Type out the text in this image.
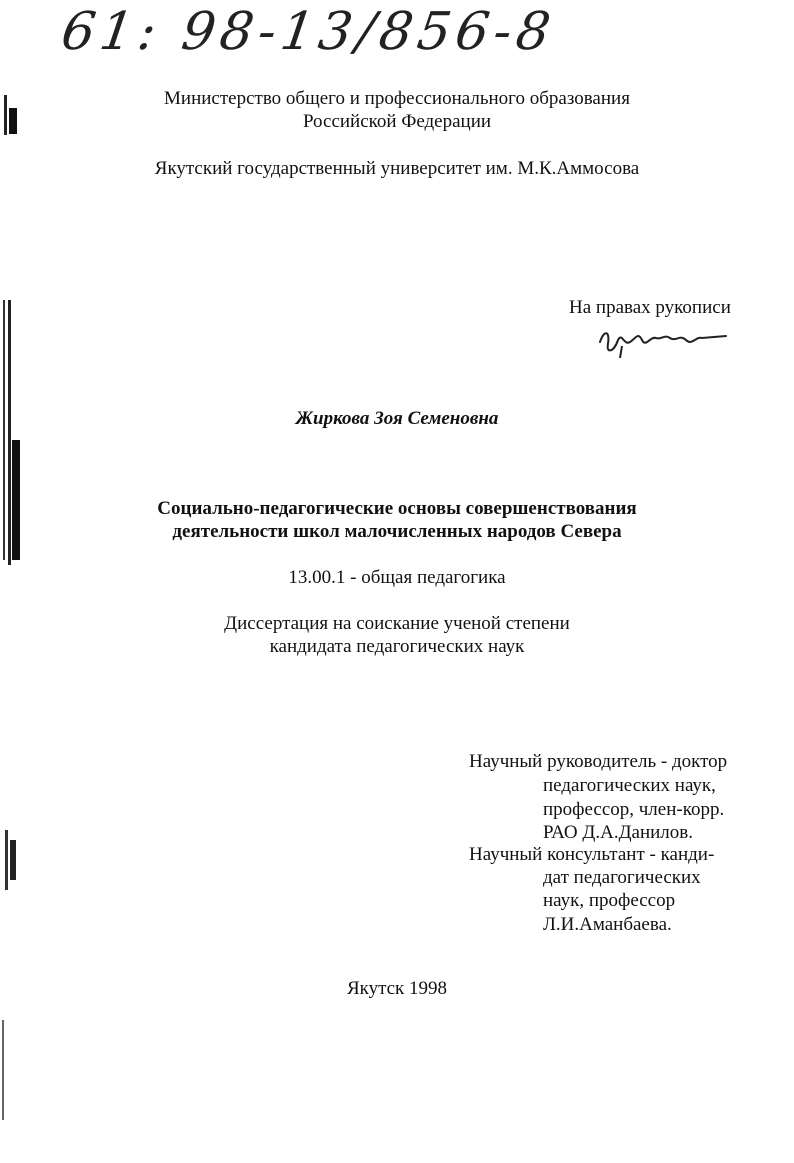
61: 98-13/856-8
Министерство общего и профессионального образования
Российской Федерации
Якутский государственный университет им. М.К.Аммосова
На правах рукописи
Жиркова Зоя Семеновна
Социально-педагогические основы совершенствования
деятельности школ малочисленных народов Севера
13.00.1 - общая педагогика
Диссертация на соискание ученой степени
кандидата педагогических наук
Научный руководитель - доктор
педагогических наук,
профессор, член-корр.
РАО Д.А.Данилов.
Научный консультант - канди-
дат педагогических
наук, профессор
Л.И.Аманбаева.
Якутск 1998
